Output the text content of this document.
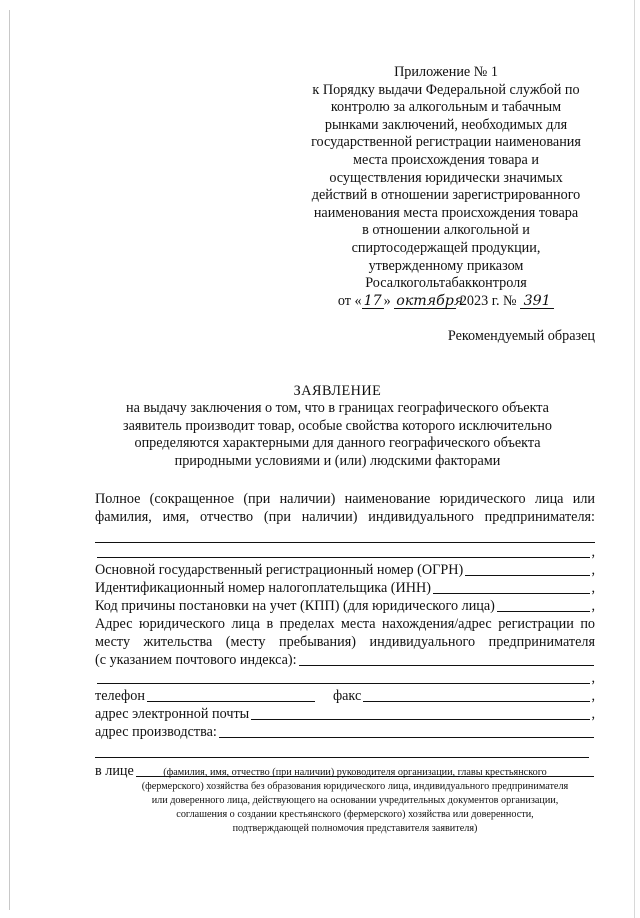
Приложение № 1
к Порядку выдачи Федеральной службой по
контролю за алкогольным и табачным
рынками заключений, необходимых для
государственной регистрации наименования
места происхождения товара и
осуществления юридически значимых
действий в отношении зарегистрированного
наименования места происхождения товара
в отношении алкогольной и
спиртосодержащей продукции,
утвержденному приказом
Росалкогольтабакконтроля
от « 17 » октября 2023 г. № 391
Рекомендуемый образец
ЗАЯВЛЕНИЕ
на выдачу заключения о том, что в границах географического объекта
заявитель производит товар, особые свойства которого исключительно
определяются характерными для данного географического объекта
природными условиями и (или) людскими факторами
Полное (сокращенное (при наличии) наименование юридического лица или
фамилия, имя, отчество (при наличии) индивидуального предпринимателя:
,
Основной государственный регистрационный номер (ОГРН)	,
Идентификационный номер налогоплательщика (ИНН)	,
Код причины постановки на учет (КПП) (для юридического лица)	,
Адрес юридического лица в пределах места нахождения/адрес регистрации по
месту жительства (месту пребывания) индивидуального предпринимателя
(с указанием почтового индекса):
,
телефон	факс	,
адрес электронной почты	,
адрес производства:
в лице	(фамилия, имя, отчество (при наличии) руководителя организации, главы крестьянского
(фермерского) хозяйства без образования юридического лица, индивидуального предпринимателя
или доверенного лица, действующего на основании учредительных документов организации,
соглашения о создании крестьянского (фермерского) хозяйства или доверенности,
подтверждающей полномочия представителя заявителя)
